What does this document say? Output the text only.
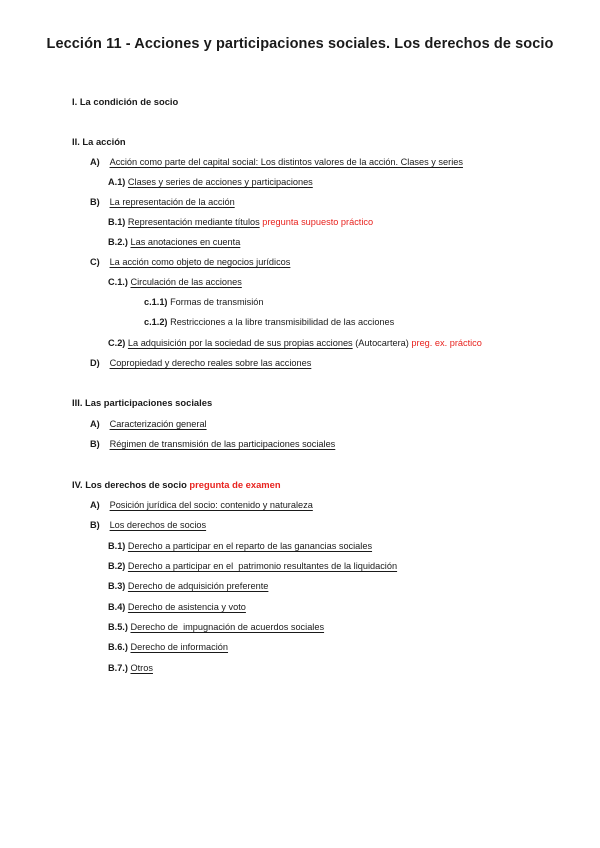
Lección 11 - Acciones y participaciones sociales. Los derechos de socio
I. La condición de socio
II. La acción
A) Acción como parte del capital social: Los distintos valores de la acción. Clases y series
A.1) Clases y series de acciones y participaciones
B) La representación de la acción
B.1) Representación mediante títulos pregunta supuesto práctico
B.2.) Las anotaciones en cuenta
C) La acción como objeto de negocios jurídicos
C.1.) Circulación de las acciones
c.1.1) Formas de transmisión
c.1.2) Restricciones a la libre transmisibilidad de las acciones
C.2) La adquisición por la sociedad de sus propias acciones (Autocartera) preg. ex. práctico
D) Copropiedad y derecho reales sobre las acciones
III. Las participaciones sociales
A) Caracterización general
B) Régimen de transmisión de las participaciones sociales
IV. Los derechos de socio pregunta de examen
A) Posición jurídica del socio: contenido y naturaleza
B) Los derechos de socios
B.1) Derecho a participar en el reparto de las ganancias sociales
B.2) Derecho a participar en el  patrimonio resultantes de la liquidación
B.3) Derecho de adquisición preferente
B.4) Derecho de asistencia y voto
B.5.) Derecho de  impugnación de acuerdos sociales
B.6.) Derecho de información
B.7.) Otros
